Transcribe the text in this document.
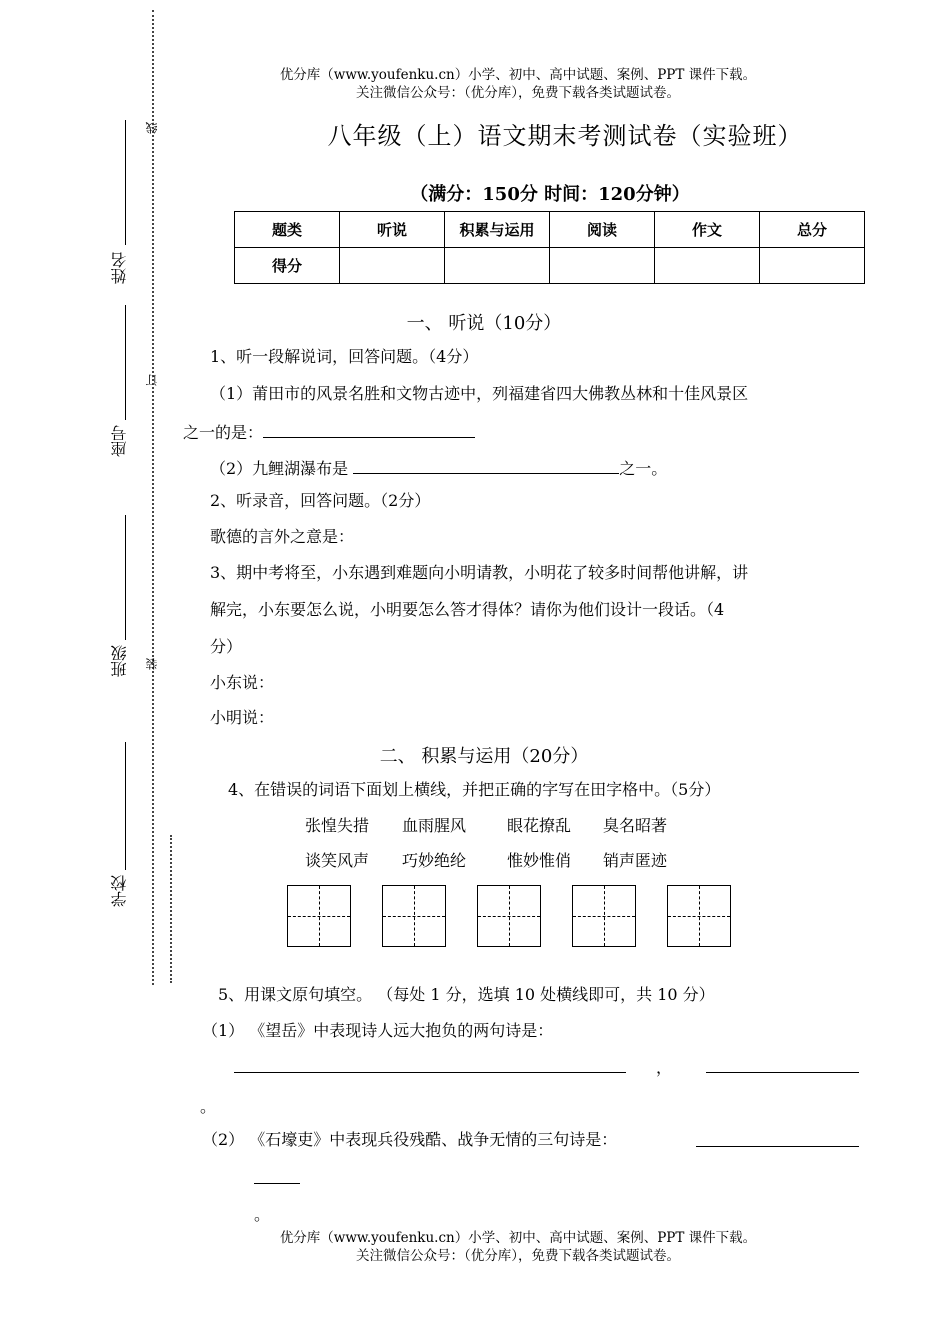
优分库（www.youfenku.cn）小学、初中、高中试题、案例、PPT 课件下载。
关注微信公众号：（优分库），免费下载各类试题试卷。
姓名
座号
班级
学校
线
订
装
八年级（上）语文期末考测试卷（实验班）
（满分：150分 时间：120分钟）
题类	听说	积累与运用	阅读	作文	总分
得分					
一、 听说（10分）
1、听一段解说词，回答问题。（4分）
（1）莆田市的风景名胜和文物古迹中，列福建省四大佛教丛林和十佳风景区
之一的是：
（2）九鲤湖瀑布是	之一。
2、听录音，回答问题。（2分）
歌德的言外之意是：
3、期中考将至，小东遇到难题向小明请教，小明花了较多时间帮他讲解，讲
解完，小东要怎么说，小明要怎么答才得体？请你为他们设计一段话。（4
分）
小东说：
小明说：
二、 积累与运用（20分）
4、在错误的词语下面划上横线，并把正确的字写在田字格中。（5分）
张惶失措 血雨腥风	眼花撩乱 臭名昭著
谈笑风声 巧妙绝纶	惟妙惟俏 销声匿迹
5、用课文原句填空。 （每处 1 分，选填 10 处横线即可，共 10 分）
（1） 《望岳》中表现诗人远大抱负的两句诗是：
，
。
（2） 《石壕吏》中表现兵役残酷、战争无情的三句诗是：
。
优分库（www.youfenku.cn）小学、初中、高中试题、案例、PPT 课件下载。
关注微信公众号：（优分库），免费下载各类试题试卷。
